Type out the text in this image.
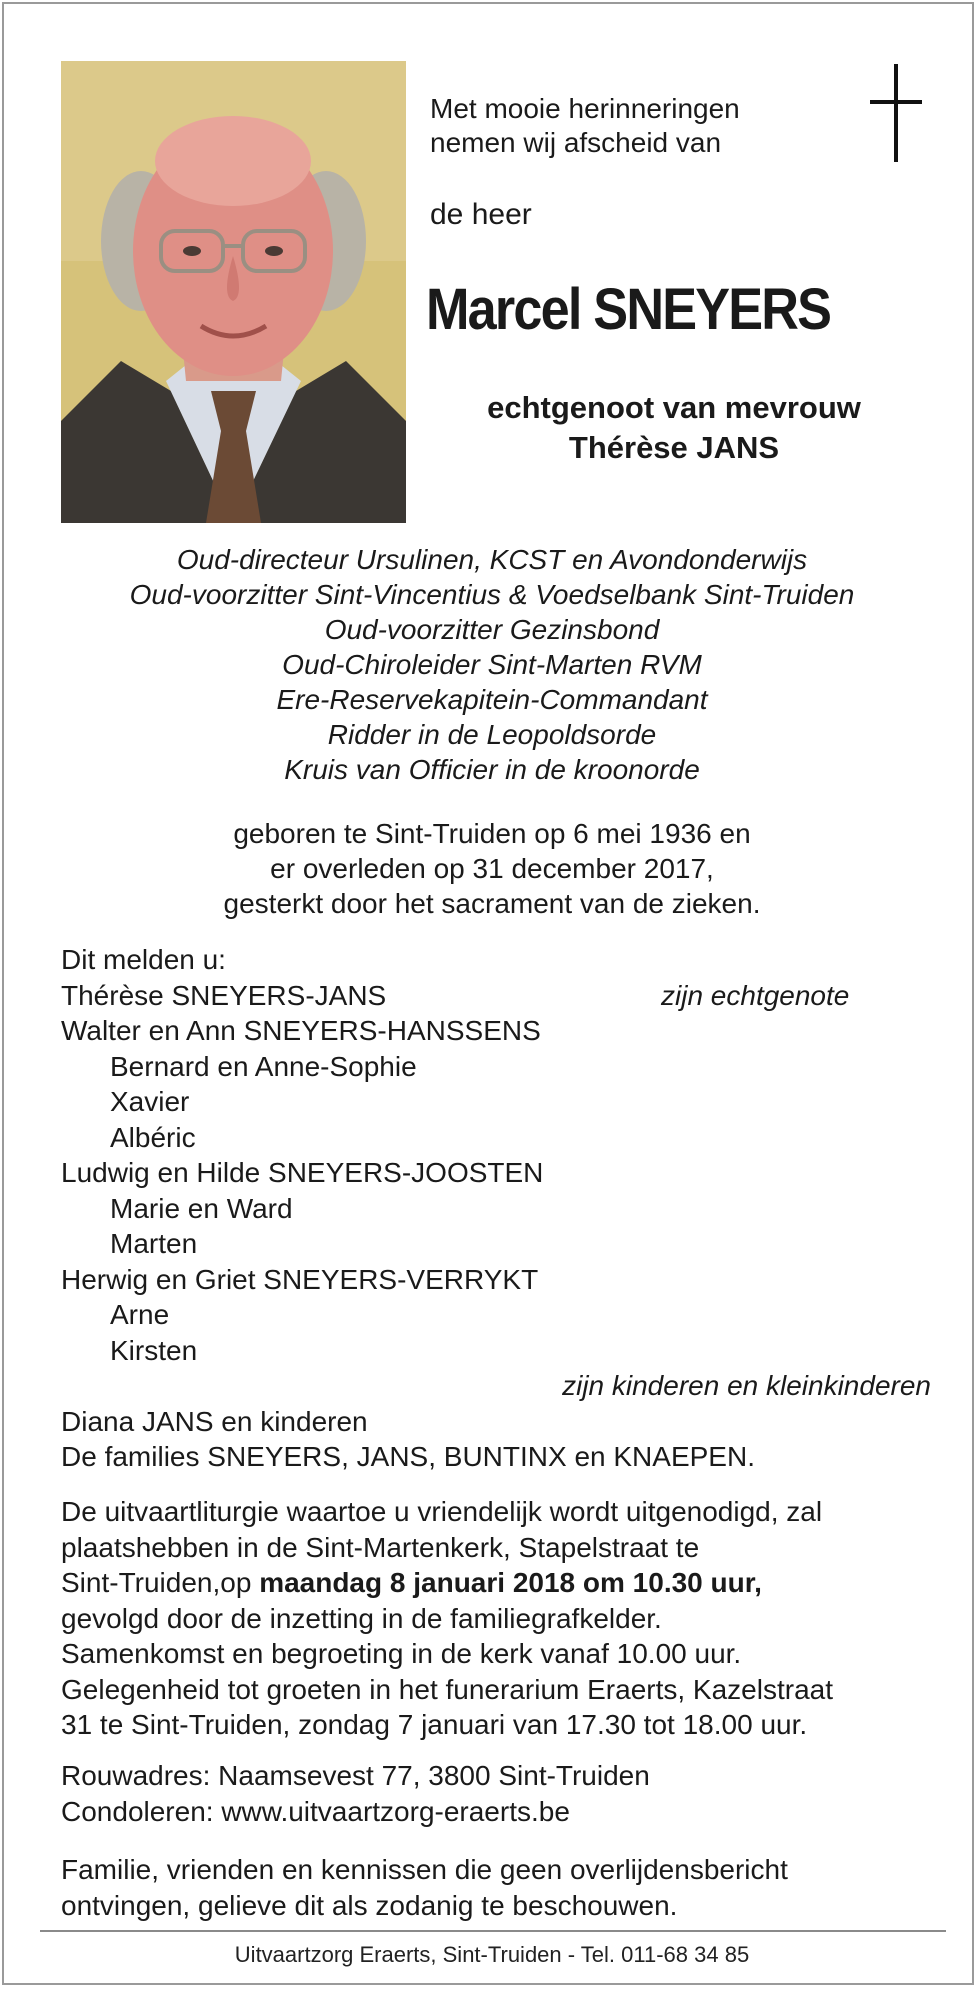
Met mooie herinneringen
nemen wij afscheid van
de heer
Marcel SNEYERS
echtgenoot van mevrouw
Thérèse JANS
Oud-directeur Ursulinen, KCST en Avondonderwijs
Oud-voorzitter Sint-Vincentius & Voedselbank Sint-Truiden
Oud-voorzitter Gezinsbond
Oud-Chiroleider Sint-Marten RVM
Ere-Reservekapitein-Commandant
Ridder in de Leopoldsorde
Kruis van Officier in de kroonorde
geboren te Sint-Truiden op 6 mei 1936 en
er overleden op 31 december 2017,
gesterkt door het sacrament van de zieken.
Dit melden u:
Thérèse SNEYERS-JANS	zijn echtgenote
Walter en Ann SNEYERS-HANSSENS
Bernard en Anne-Sophie
Xavier
Albéric
Ludwig en Hilde SNEYERS-JOOSTEN
Marie en Ward
Marten
Herwig en Griet SNEYERS-VERRYKT
Arne
Kirsten
zijn kinderen en kleinkinderen
Diana JANS en kinderen
De families SNEYERS, JANS, BUNTINX en KNAEPEN.
De uitvaartliturgie waartoe u vriendelijk wordt uitgenodigd, zal
plaatshebben in de Sint-Martenkerk, Stapelstraat te
Sint-Truiden,op maandag 8 januari 2018 om 10.30 uur,
gevolgd door de inzetting in de familiegrafkelder.
Samenkomst en begroeting in de kerk vanaf 10.00 uur.
Gelegenheid tot groeten in het funerarium Eraerts, Kazelstraat
31 te Sint-Truiden, zondag 7 januari van 17.30 tot 18.00 uur.
Rouwadres: Naamsevest 77, 3800 Sint-Truiden
Condoleren: www.uitvaartzorg-eraerts.be
Familie, vrienden en kennissen die geen overlijdensbericht
ontvingen, gelieve dit als zodanig te beschouwen.
Uitvaartzorg Eraerts, Sint-Truiden - Tel. 011-68 34 85
